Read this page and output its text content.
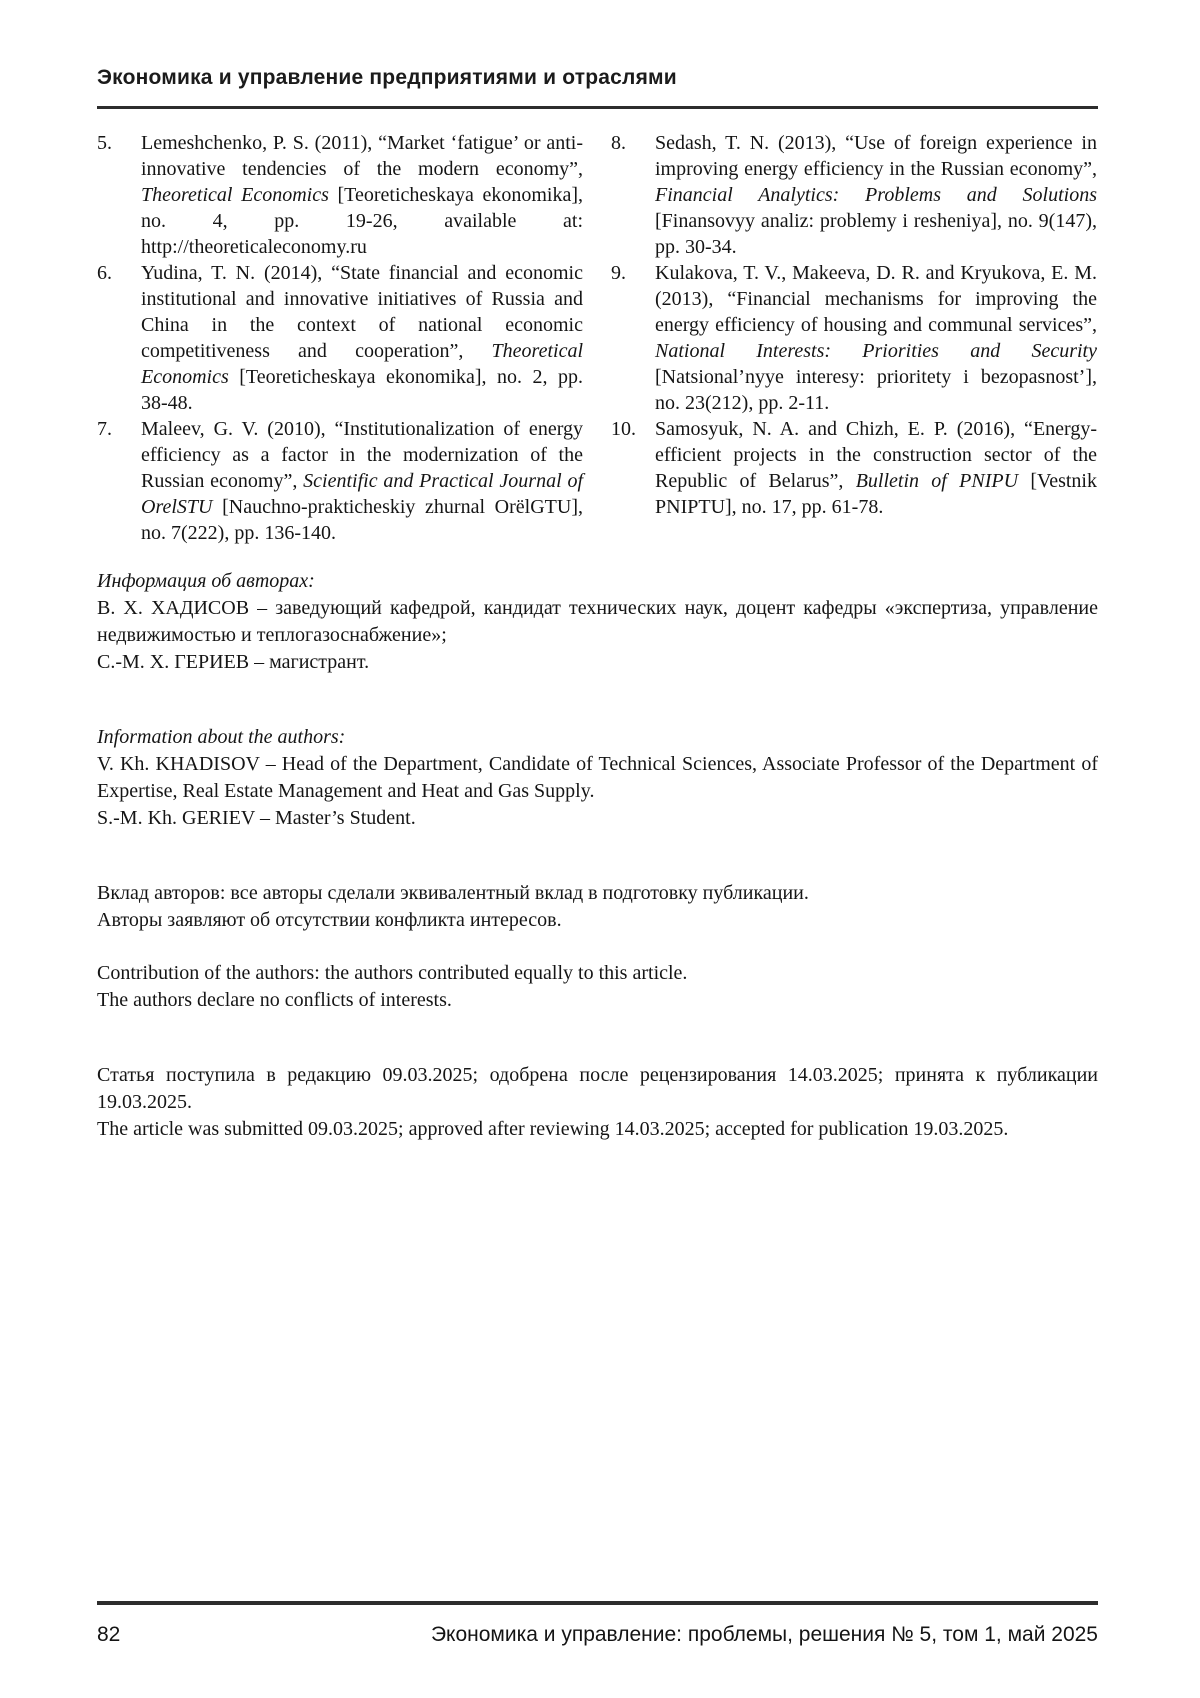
Экономика и управление предприятиями и отраслями
5.	Lemeshchenko, P. S. (2011), “Market ‘fatigue’ or anti-innovative tendencies of the modern economy”, Theoretical Economics [Teoreticheskaya ekonomika], no. 4, pp. 19-26, available at: http://theoreticaleconomy.ru
6.	Yudina, T. N. (2014), “State financial and economic institutional and innovative initiatives of Russia and China in the context of national economic competitiveness and cooperation”, Theoretical Economics [Teoreticheskaya ekonomika], no. 2, pp. 38-48.
7.	Maleev, G. V. (2010), “Institutionalization of energy efficiency as a factor in the modernization of the Russian economy”, Scientific and Practical Journal of OrelSTU [Nauchno-prakticheskiy zhurnal OrëlGTU], no. 7(222), pp. 136-140.
8.	Sedash, T. N. (2013), “Use of foreign experience in improving energy efficiency in the Russian economy”, Financial Analytics: Problems and Solutions [Finansovyy analiz: problemy i resheniya], no. 9(147), pp. 30-34.
9.	Kulakova, T. V., Makeeva, D. R. and Kryukova, E. M. (2013), “Financial mechanisms for improving the energy efficiency of housing and communal services”, National Interests: Priorities and Security [Natsional’nyye interesy: prioritety i bezopasnost’], no. 23(212), pp. 2-11.
10. Samosyuk, N. A. and Chizh, E. P. (2016), “Energy-efficient projects in the construction sector of the Republic of Belarus”, Bulletin of PNIPU [Vestnik PNIPTU], no. 17, pp. 61-78.
Информация об авторах:

В. Х. ХАДИСОВ – заведующий кафедрой, кандидат технических наук, доцент кафедры «экспертиза, управление недвижимостью и теплогазоснабжение»;

С.-М. Х. ГЕРИЕВ – магистрант.

Information about the authors:

V. Kh. KHADISOV – Head of the Department, Candidate of Technical Sciences, Associate Professor of the Department of Expertise, Real Estate Management and Heat and Gas Supply.

S.-M. Kh. GERIEV – Master’s Student.

Вклад авторов: все авторы сделали эквивалентный вклад в подготовку публикации.

Авторы заявляют об отсутствии конфликта интересов.

Contribution of the authors: the authors contributed equally to this article.

The authors declare no conflicts of interests.

Статья поступила в редакцию 09.03.2025; одобрена после рецензирования 14.03.2025; принята к публикации 19.03.2025.

The article was submitted 09.03.2025; approved after reviewing 14.03.2025; accepted for publication 19.03.2025.

82	Экономика и управление: проблемы, решения № 5, том 1, май 2025
